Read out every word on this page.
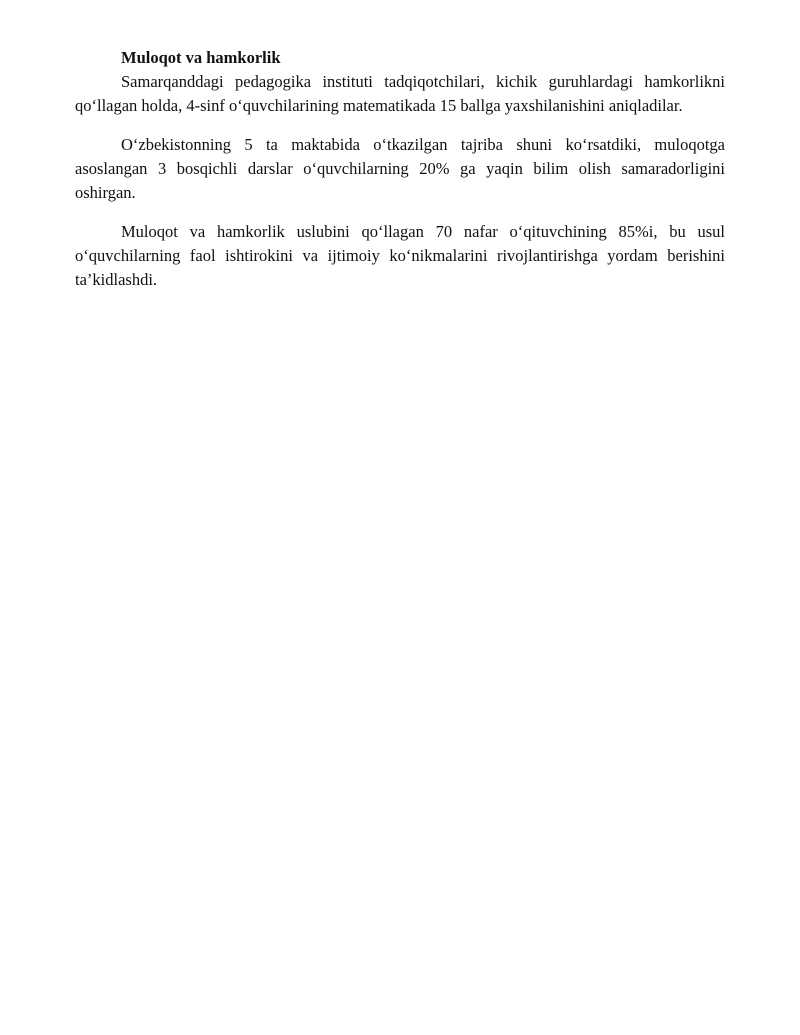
Muloqot va hamkorlik

Samarqanddagi pedagogika instituti tadqiqotchilari, kichik guruhlardagi hamkorlikni qo‘llagan holda, 4-sinf o‘quvchilarining matematikada 15 ballga yaxshilanishini aniqladilar.

O‘zbekistonning 5 ta maktabida o‘tkazilgan tajriba shuni ko‘rsatdiki, muloqotga asoslangan 3 bosqichli darslar o‘quvchilarning 20% ga yaqin bilim olish samaradorligini oshirgan.

Muloqot va hamkorlik uslubini qo‘llagan 70 nafar o‘qituvchining 85%i, bu usul o‘quvchilarning faol ishtirokini va ijtimoiy ko‘nikmalarini rivojlantirishga yordam berishini ta’kidlashdi.
